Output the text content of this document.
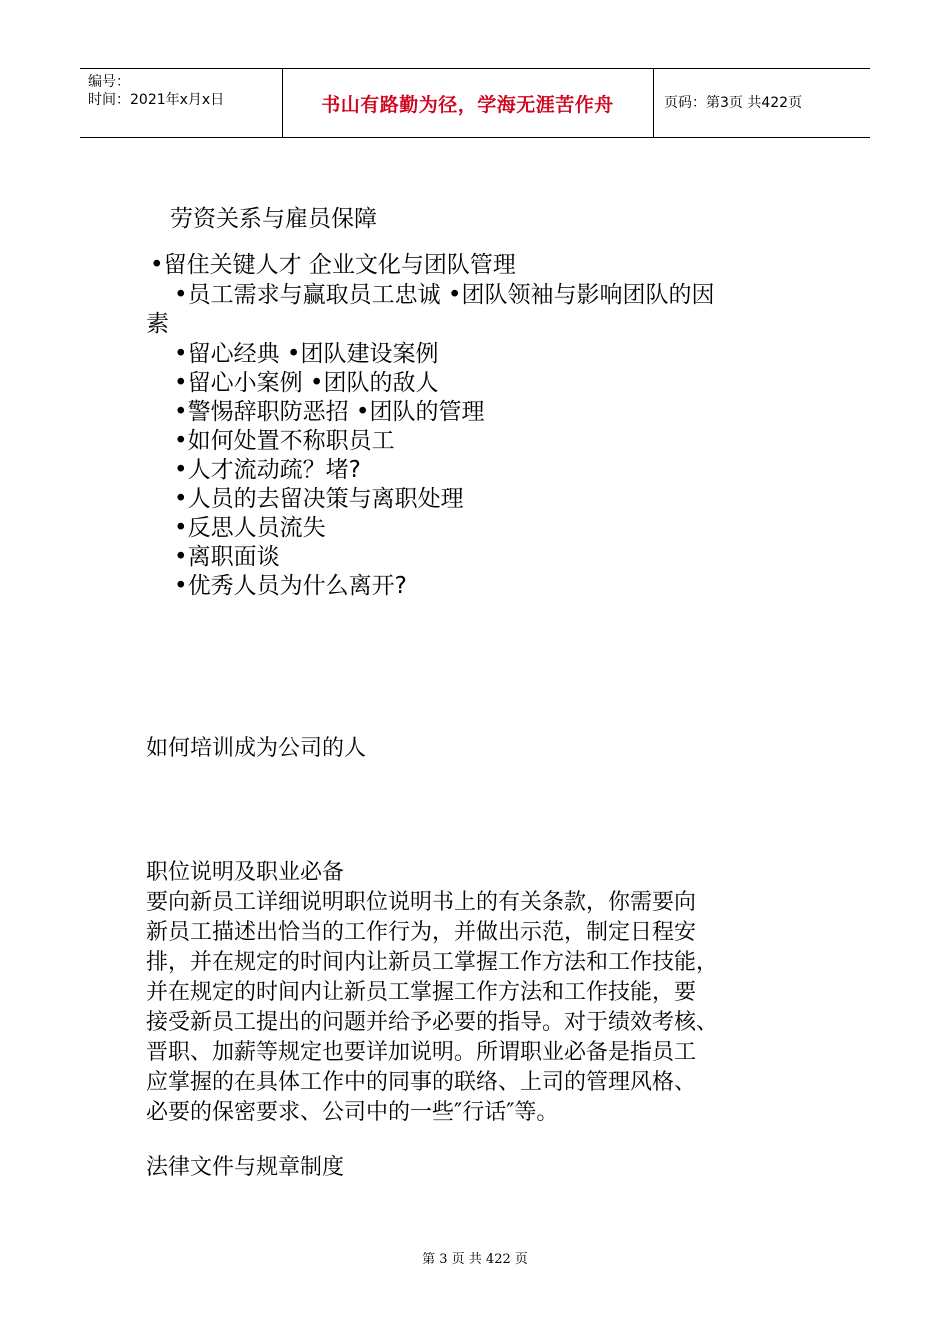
编号：
时间：2021年x月x日	书山有路勤为径，学海无涯苦作舟	页码：第3页 共422页
劳资关系与雇员保障
•留住关键人才 企业文化与团队管理
•员工需求与赢取员工忠诚 •团队领袖与影响团队的因
素
•留心经典 •团队建设案例
•留心小案例 •团队的敌人
•警惕辞职防恶招 •团队的管理
•如何处置不称职员工
•人才流动疏？堵?
•人员的去留决策与离职处理
•反思人员流失
•离职面谈
•优秀人员为什么离开?
如何培训成为公司的人
职位说明及职业必备
要向新员工详细说明职位说明书上的有关条款，你需要向
新员工描述出恰当的工作行为，并做出示范，制定日程安
排，并在规定的时间内让新员工掌握工作方法和工作技能，
并在规定的时间内让新员工掌握工作方法和工作技能，要
接受新员工提出的问题并给予必要的指导。对于绩效考核、
晋职、加薪等规定也要详加说明。所谓职业必备是指员工
应掌握的在具体工作中的同事的联络、上司的管理风格、
必要的保密要求、公司中的一些″行话″等。
法律文件与规章制度
第 3 页 共 422 页
